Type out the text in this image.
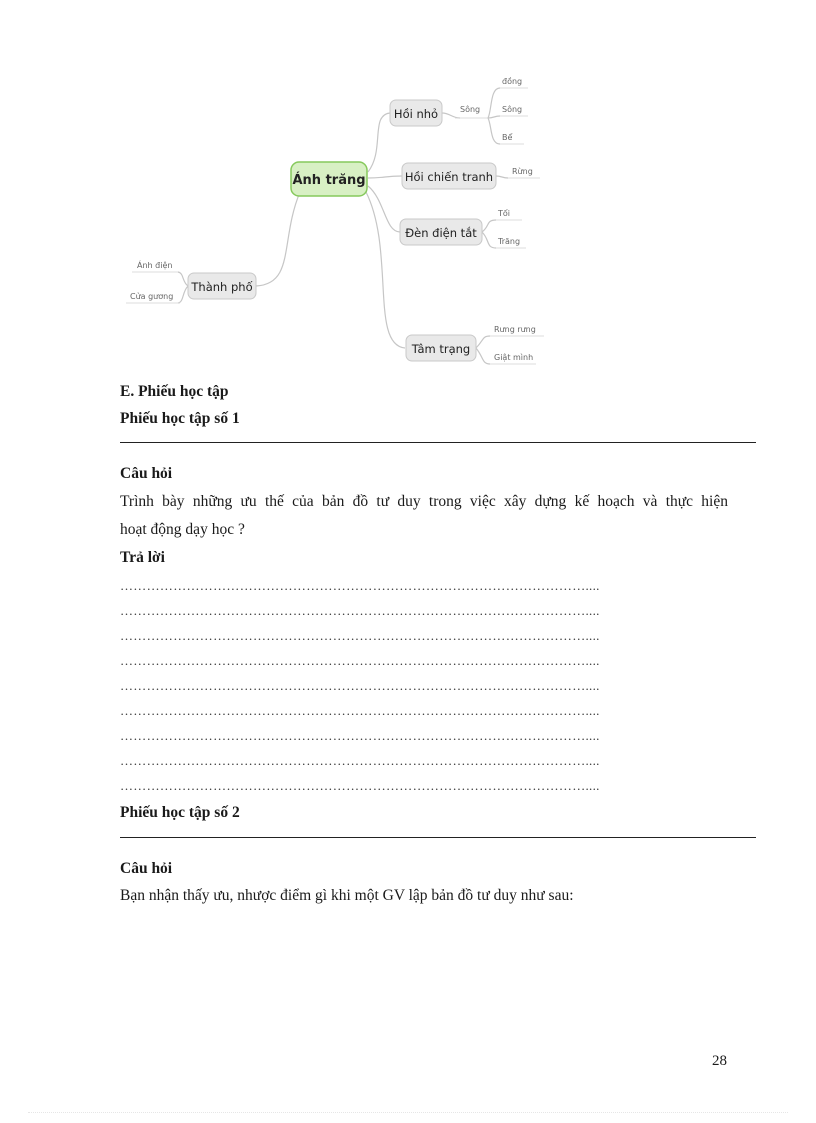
Ánh trăng
Hồi nhỏ	Sông
đồng
Sông
Bể
Hồi chiến tranh Rừng
Đèn điện tắt
Tối
Trăng
Thành phố
Ánh điện
Cửa gương
Tâm trạng
Rưng rưng
Giật mình
E. Phiếu học tập
Phiếu học tập số 1
Câu hỏi
Trình bày những ưu thế của bản đồ tư duy trong việc xây dựng kế hoạch và thực hiện
hoạt động dạy học ?
Trả lời
……………………………………………………………………………………………....
……………………………………………………………………………………………....
……………………………………………………………………………………………....
……………………………………………………………………………………………....
……………………………………………………………………………………………....
……………………………………………………………………………………………....
……………………………………………………………………………………………....
……………………………………………………………………………………………....
……………………………………………………………………………………………....
Phiếu học tập số 2
Câu hỏi
Bạn nhận thấy ưu, nhược điểm gì khi một GV lập bản đồ tư duy như sau:
28
